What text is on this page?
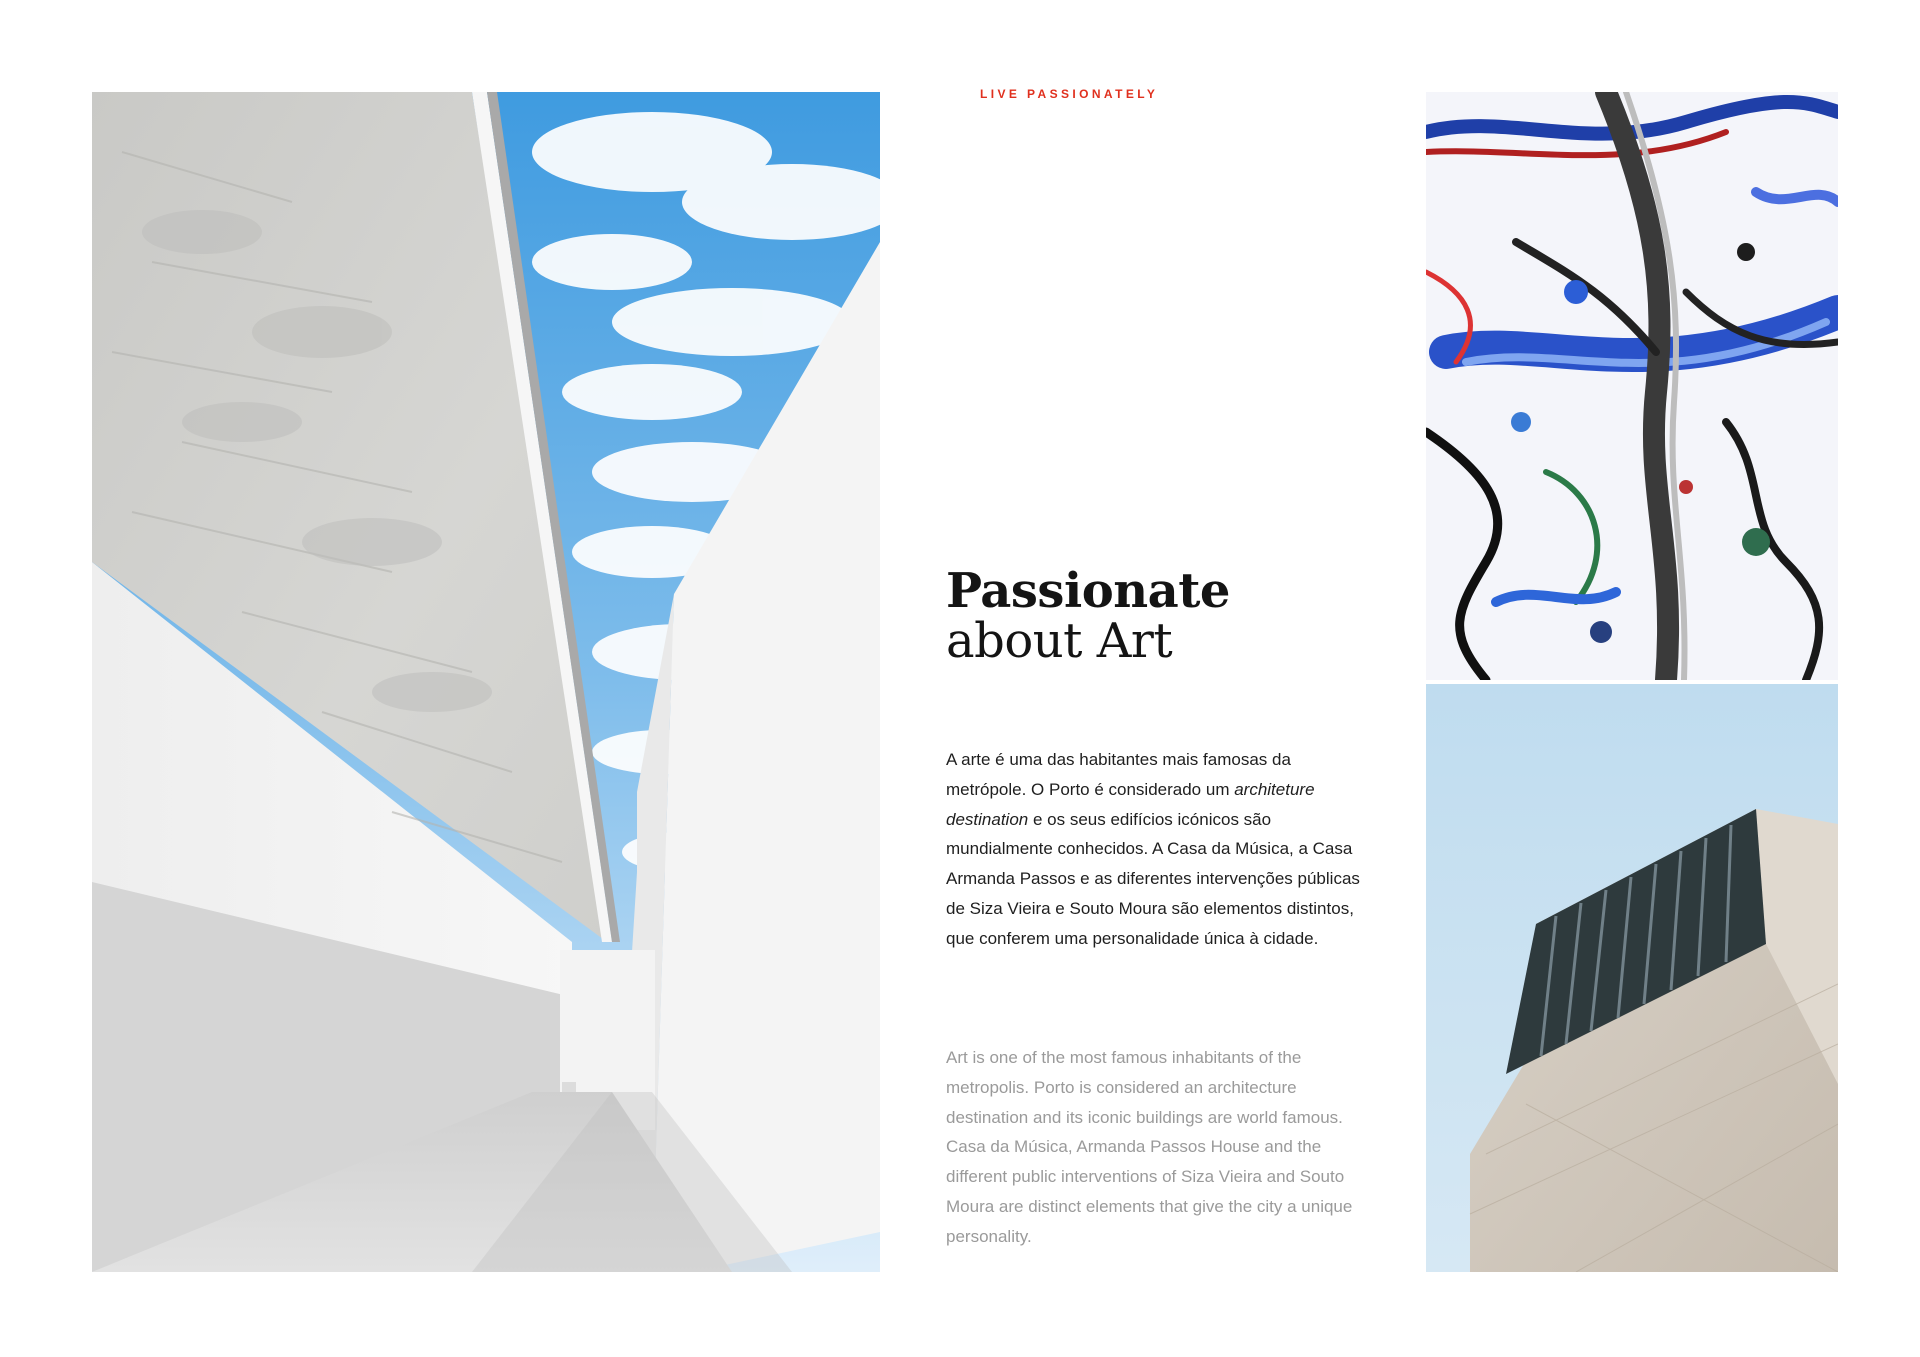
LIVE PASSIONATELY
Passionate
about Art

A arte é uma das habitantes mais famosas da metrópole. O Porto é considerado um architeture destination e os seus edifícios icónicos são mundialmente conhecidos. A Casa da Música, a Casa Armanda Passos e as diferentes intervenções públicas de Siza Vieira e Souto Moura são elementos distintos, que conferem uma personalidade única à cidade.

Art is one of the most famous inhabitants of the metropolis. Porto is considered an architecture destination and its iconic buildings are world famous. Casa da Música, Armanda Passos House and the different public interventions of Siza Vieira and Souto Moura are distinct elements that give the city a unique personality.
